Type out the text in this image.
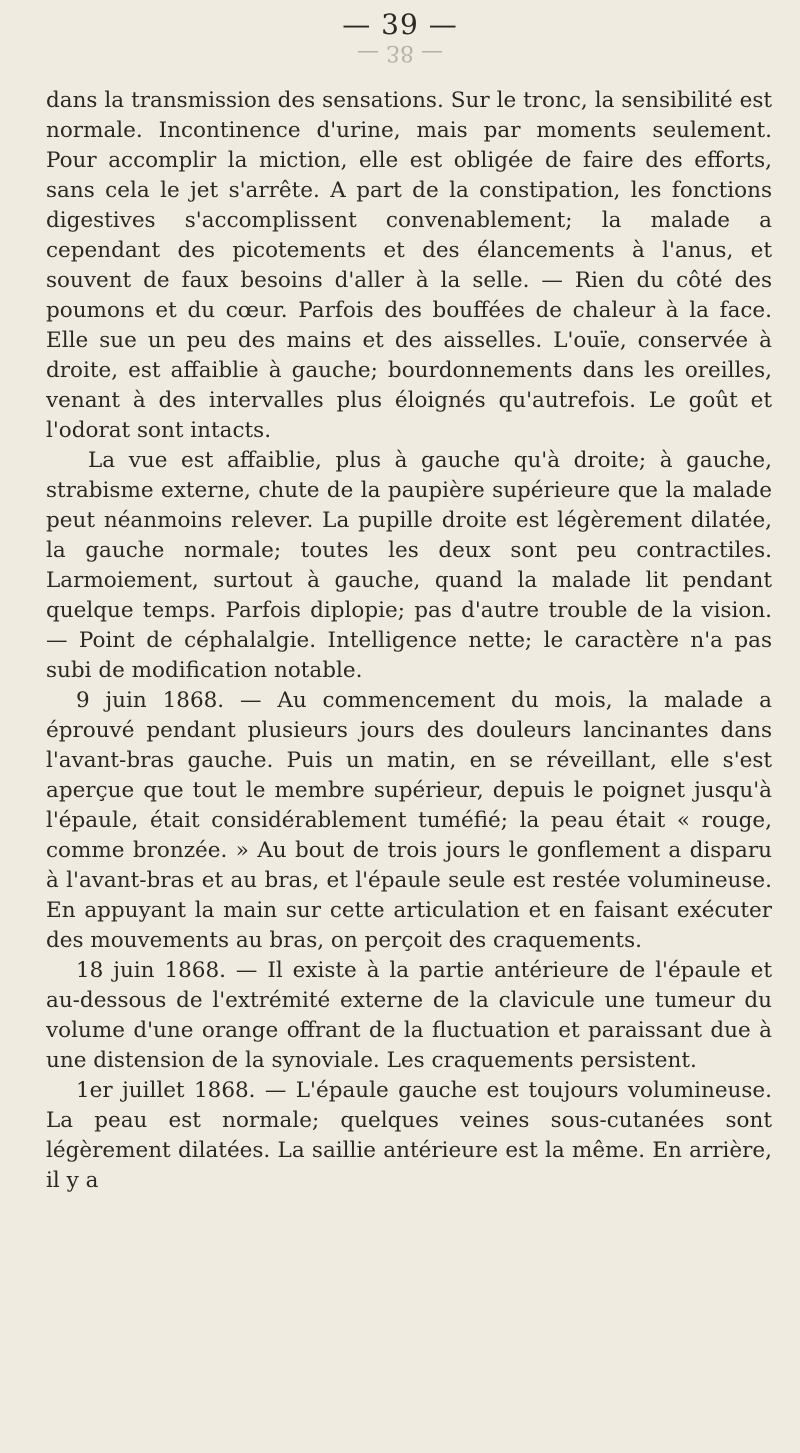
— 39 —
— 38 —

dans la transmission des sensations. Sur le tronc, la sensibilité est normale. Incontinence d'urine, mais par moments seulement. Pour accomplir la miction, elle est obligée de faire des efforts, sans cela le jet s'arrête. A part de la constipation, les fonctions digestives s'accomplissent convenablement; la malade a cependant des picotements et des élancements à l'anus, et souvent de faux besoins d'aller à la selle. — Rien du côté des poumons et du cœur. Parfois des bouffées de chaleur à la face. Elle sue un peu des mains et des aisselles. L'ouïe, conservée à droite, est affaiblie à gauche; bourdonnements dans les oreilles, venant à des intervalles plus éloignés qu'autrefois. Le goût et l'odorat sont intacts.

La vue est affaiblie, plus à gauche qu'à droite; à gauche, strabisme externe, chute de la paupière supérieure que la malade peut néanmoins relever. La pupille droite est légèrement dilatée, la gauche normale; toutes les deux sont peu contractiles. Larmoiement, surtout à gauche, quand la malade lit pendant quelque temps. Parfois diplopie; pas d'autre trouble de la vision. — Point de céphalalgie. Intelligence nette; le caractère n'a pas subi de modification notable.

9 juin 1868. — Au commencement du mois, la malade a éprouvé pendant plusieurs jours des douleurs lancinantes dans l'avant-bras gauche. Puis un matin, en se réveillant, elle s'est aperçue que tout le membre supérieur, depuis le poignet jusqu'à l'épaule, était considérablement tuméfié; la peau était « rouge, comme bronzée. » Au bout de trois jours le gonflement a disparu à l'avant-bras et au bras, et l'épaule seule est restée volumineuse. En appuyant la main sur cette articulation et en faisant exécuter des mouvements au bras, on perçoit des craquements.

18 juin 1868. — Il existe à la partie antérieure de l'épaule et au-dessous de l'extrémité externe de la clavicule une tumeur du volume d'une orange offrant de la fluctuation et paraissant due à une distension de la synoviale. Les craquements persistent.

1er juillet 1868. — L'épaule gauche est toujours volumineuse. La peau est normale; quelques veines sous-cutanées sont légèrement dilatées. La saillie antérieure est la même. En arrière, il y a
